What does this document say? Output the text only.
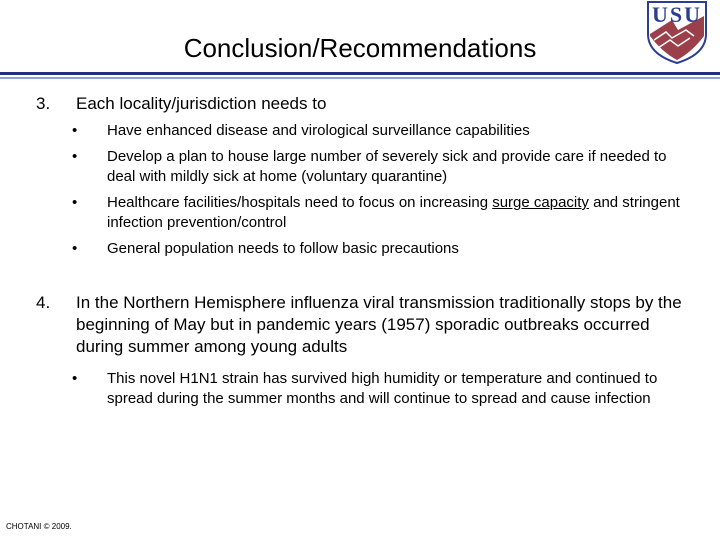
Conclusion/Recommendations
USU
3. Each locality/jurisdiction needs to
• Have enhanced disease and virological surveillance capabilities
• Develop a plan to house large number of severely sick and provide care if needed to deal with mildly sick at home (voluntary quarantine)
• Healthcare facilities/hospitals need to focus on increasing surge capacity and stringent infection prevention/control
• General population needs to follow basic precautions
4. In the Northern Hemisphere influenza viral transmission traditionally stops by the beginning of May but in pandemic years (1957) sporadic outbreaks occurred during summer among young adults
• This novel H1N1 strain has survived high humidity or temperature and continued to spread during the summer months and will continue to spread and cause infection
CHOTANI © 2009.
